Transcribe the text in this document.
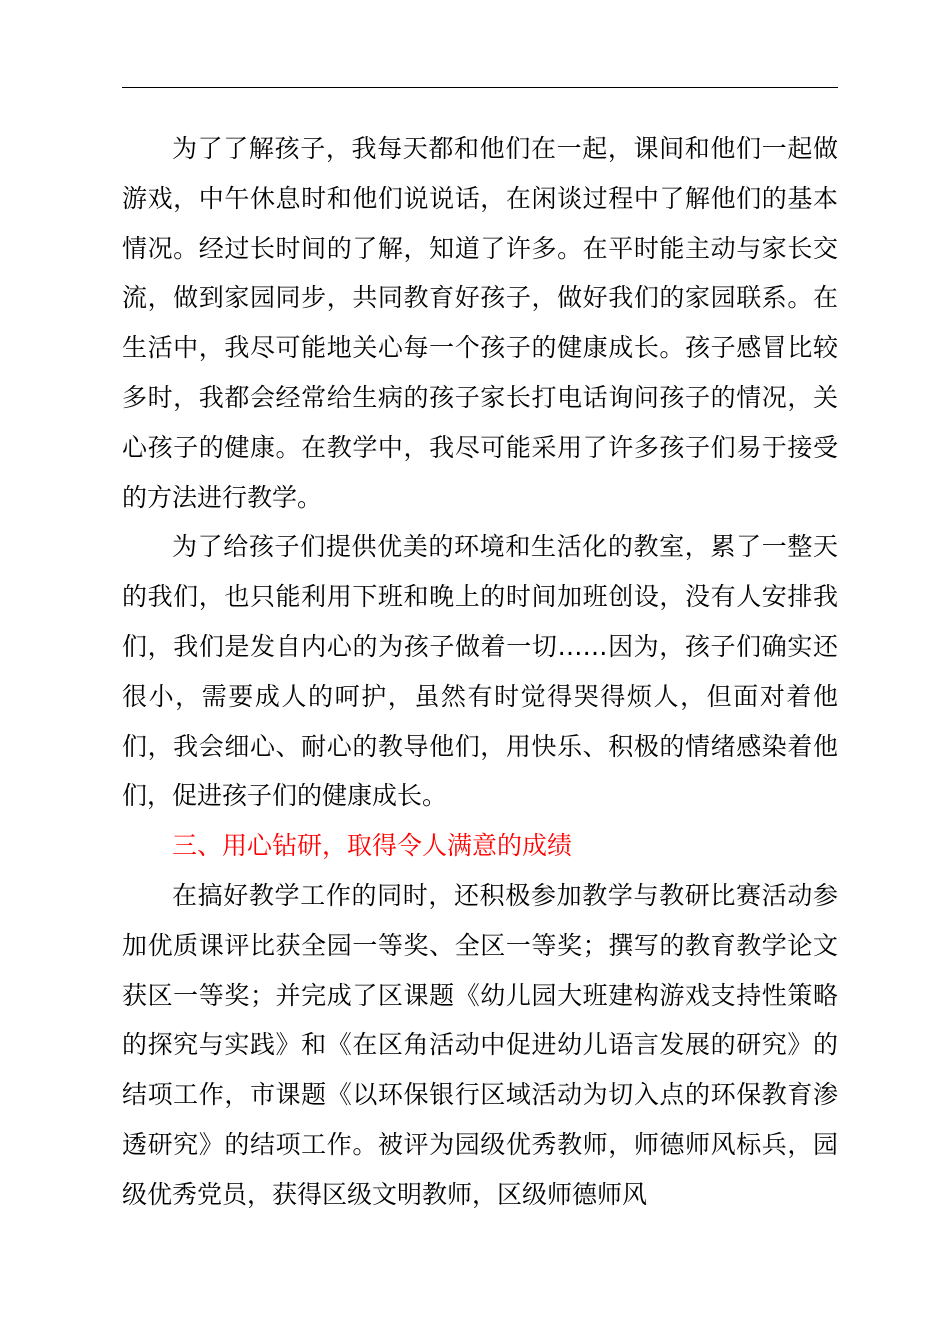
为了了解孩子，我每天都和他们在一起，课间和他们一起做游戏，中午休息时和他们说说话，在闲谈过程中了解他们的基本情况。经过长时间的了解，知道了许多。在平时能主动与家长交流，做到家园同步，共同教育好孩子，做好我们的家园联系。在生活中，我尽可能地关心每一个孩子的健康成长。孩子感冒比较多时，我都会经常给生病的孩子家长打电话询问孩子的情况，关心孩子的健康。在教学中，我尽可能采用了许多孩子们易于接受的方法进行教学。

为了给孩子们提供优美的环境和生活化的教室，累了一整天的我们，也只能利用下班和晚上的时间加班创设，没有人安排我们，我们是发自内心的为孩子做着一切……因为，孩子们确实还很小，需要成人的呵护，虽然有时觉得哭得烦人，但面对着他们，我会细心、耐心的教导他们，用快乐、积极的情绪感染着他们，促进孩子们的健康成长。

三、用心钻研，取得令人满意的成绩

在搞好教学工作的同时，还积极参加教学与教研比赛活动参加优质课评比获全园一等奖、全区一等奖；撰写的教育教学论文获区一等奖；并完成了区课题《幼儿园大班建构游戏支持性策略的探究与实践》和《在区角活动中促进幼儿语言发展的研究》的结项工作，市课题《以环保银行区域活动为切入点的环保教育渗透研究》的结项工作。被评为园级优秀教师，师德师风标兵，园级优秀党员，获得区级文明教师，区级师德师风
